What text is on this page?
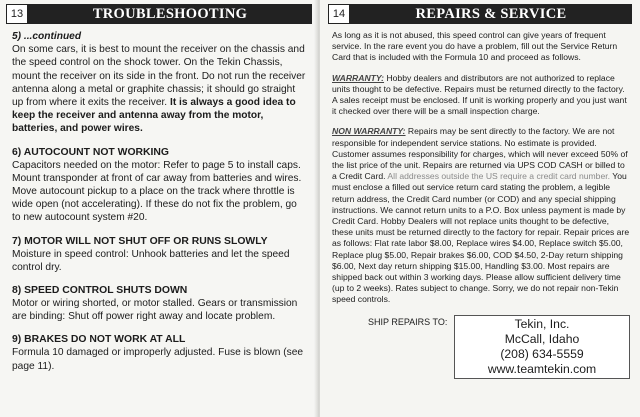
13	TROUBLESHOOTING
5) ...continued

On some cars, it is best to mount the receiver on the chassis and the speed control on the shock tower. On the Tekin Chassis, mount the receiver on its side in the front. Do not run the receiver antenna along a metal or graphite chassis; it should go straight up from where it exits the receiver. It is always a good idea to keep the receiver and antenna away from the motor, batteries, and power wires.

6) AUTOCOUNT NOT WORKING

Capacitors needed on the motor: Refer to page 5 to install caps. Mount transponder at front of car away from batteries and wires. Move autocount pickup to a place on the track where throttle is wide open (not accelerating). If these do not fix the problem, go to new autocount system #20.

7) MOTOR WILL NOT SHUT OFF OR RUNS SLOWLY

Moisture in speed control: Unhook batteries and let the speed control dry.

8) SPEED CONTROL SHUTS DOWN

Motor or wiring shorted, or motor stalled. Gears or transmission are binding: Shut off power right away and locate problem.

9) BRAKES DO NOT WORK AT ALL

Formula 10 damaged or improperly adjusted. Fuse is blown (see page 11).

14	REPAIRS & SERVICE

As long as it is not abused, this speed control can give years of frequent service. In the rare event you do have a problem, fill out the Service Return Card that is included with the Formula 10 and proceed as follows.

WARRANTY: Hobby dealers and distributors are not authorized to replace units thought to be defective. Repairs must be returned directly to the factory. A sales receipt must be enclosed. If unit is working properly and you just want it checked over there will be a small inspection charge.

NON WARRANTY: Repairs may be sent directly to the factory. We are not responsible for independent service stations. No estimate is provided. Customer assumes responsibility for charges, which will never exceed 50% of the list price of the unit. Repairs are returned via UPS COD CASH or billed to a Credit Card. All addresses outside the US require a credit card number. You must enclose a filled out service return card stating the problem, a legible return address, the Credit Card number (or COD) and any special shipping instructions. We cannot return units to a P.O. Box unless payment is made by Credit Card. Hobby Dealers will not replace units thought to be defective, these units must be returned directly to the factory for repair. Repair prices are as follows: Flat rate labor $8.00, Replace wires $4.00, Replace switch $5.00, Replace plug $5.00, Repair brakes $6.00, COD $4.50, 2-Day return shipping $6.00, Next day return shipping $15.00, Handling $3.00. Most repairs are shipped back out within 3 working days. Please allow sufficient delivery time (up to 2 weeks). Rates subject to change. Sorry, we do not repair non-Tekin speed controls.

SHIP REPAIRS TO:	Tekin, Inc.
McCall, Idaho
(208) 634-5559
www.teamtekin.com
